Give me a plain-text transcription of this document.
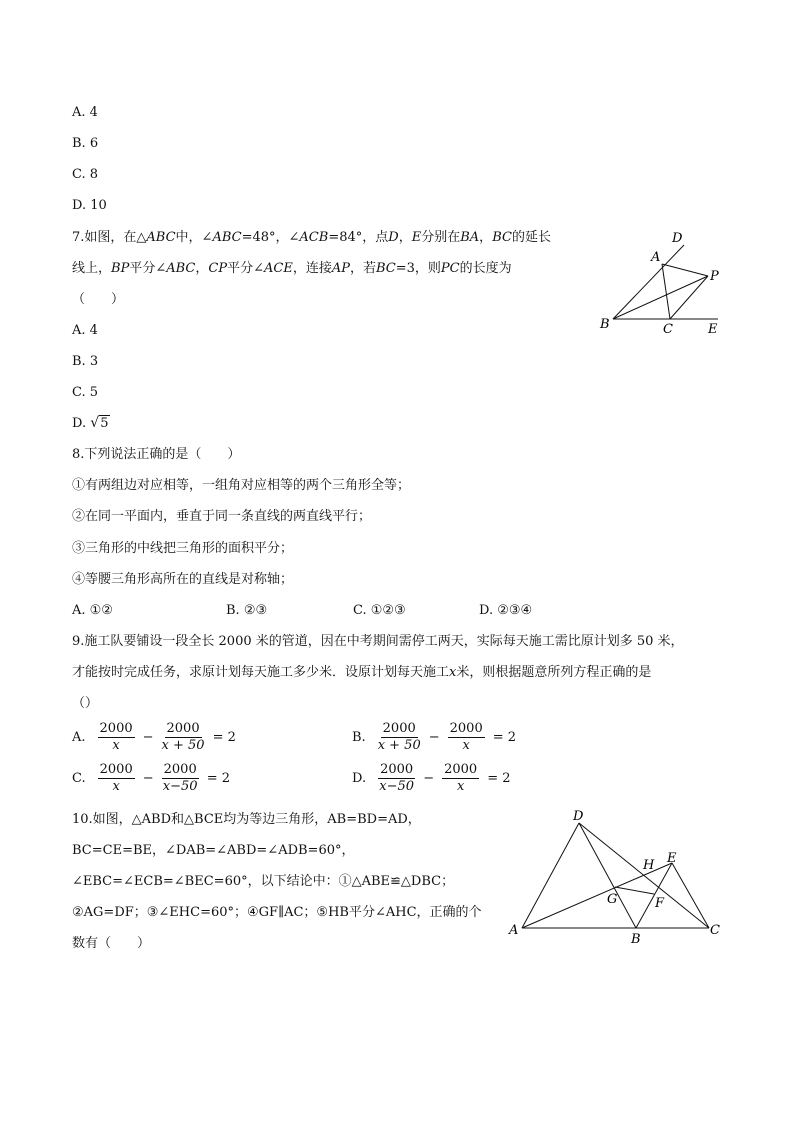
A. 4
B. 6
C. 8
D. 10
7.如图，在△ABC中，∠ABC=48°，∠ACB=84°，点D，E分别在BA，BC的延长
线上，BP平分∠ABC，CP平分∠ACE，连接AP，若BC=3，则PC的长度为
（　　）
A. 4
B. 3
C. 5
D. √ 5
D
A
P
B	C	E
8.下列说法正确的是（　　）
①有两组边对应相等，一组角对应相等的两个三角形全等；
②在同一平面内，垂直于同一条直线的两直线平行；
③三角形的中线把三角形的面积平分；
④等腰三角形高所在的直线是对称轴；
A. ①②	B. ②③	C. ①②③	D. ②③④
9.施工队要铺设一段全长 2000 米的管道，因在中考期间需停工两天，实际每天施工需比原计划多 50 米，
才能按时完成任务，求原计划每天施工多少米．设原计划每天施工x米，则根据题意所列方程正确的是
（）
A. $\frac{2000}{x} - \frac{2000}{x + 50} = 2$	B. $\frac{2000}{x + 50} - \frac{2000}{x} = 2$
C. $\frac{2000}{x} - \frac{2000}{x-50} = 2$	D. $\frac{2000}{x-50} - \frac{2000}{x} = 2$
10.如图，△ABD和△BCE均为等边三角形，AB=BD=AD，
BC=CE=BE，∠DAB=∠ABD=∠ADB=60°，
∠EBC=∠ECB=∠BEC=60°，以下结论中：①△ABE≌△DBC；
②AG=DF；③∠EHC=60°；④GF∥AC；⑤HB平分∠AHC，正确的个
数有（　　）
D
H E
G	F
A
B
C
